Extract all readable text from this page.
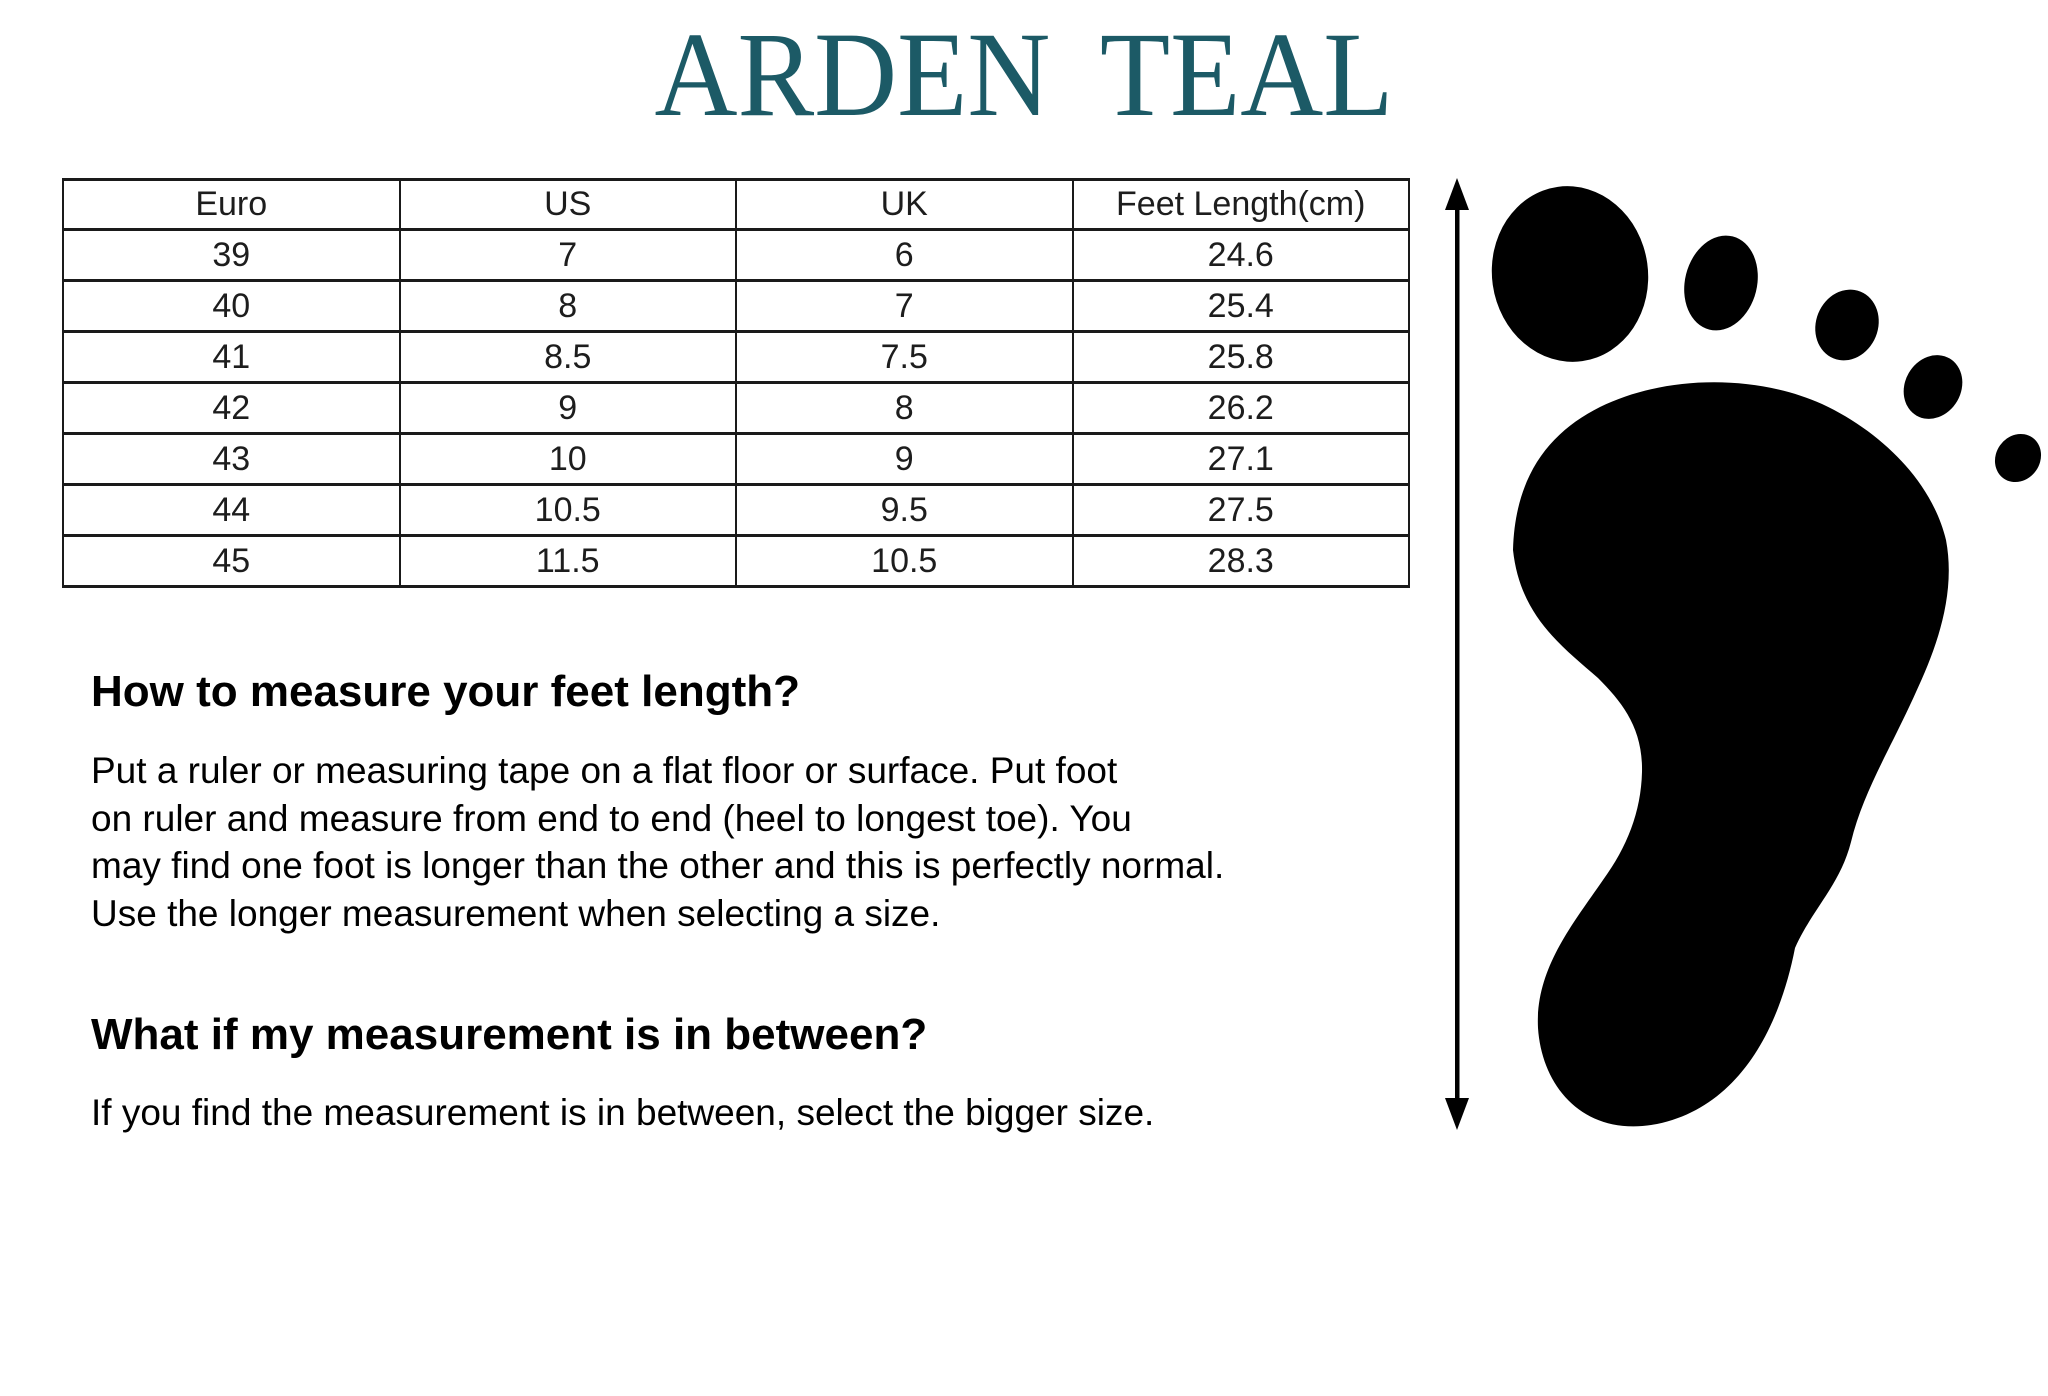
ARDEN TEAL
Euro	US	UK	Feet Length(cm)
39	7	6	24.6
40	8	7	25.4
41	8.5	7.5	25.8
42	9	8	26.2
43	10	9	27.1
44	10.5	9.5	27.5
45	11.5	10.5	28.3
How to measure your feet length?

Put a ruler or measuring tape on a flat floor or surface. Put foot
on ruler and measure from end to end (heel to longest toe). You
may find one foot is longer than the other and this is perfectly normal.
Use the longer measurement when selecting a size.

What if my measurement is in between?

If you find the measurement is in between, select the bigger size.
